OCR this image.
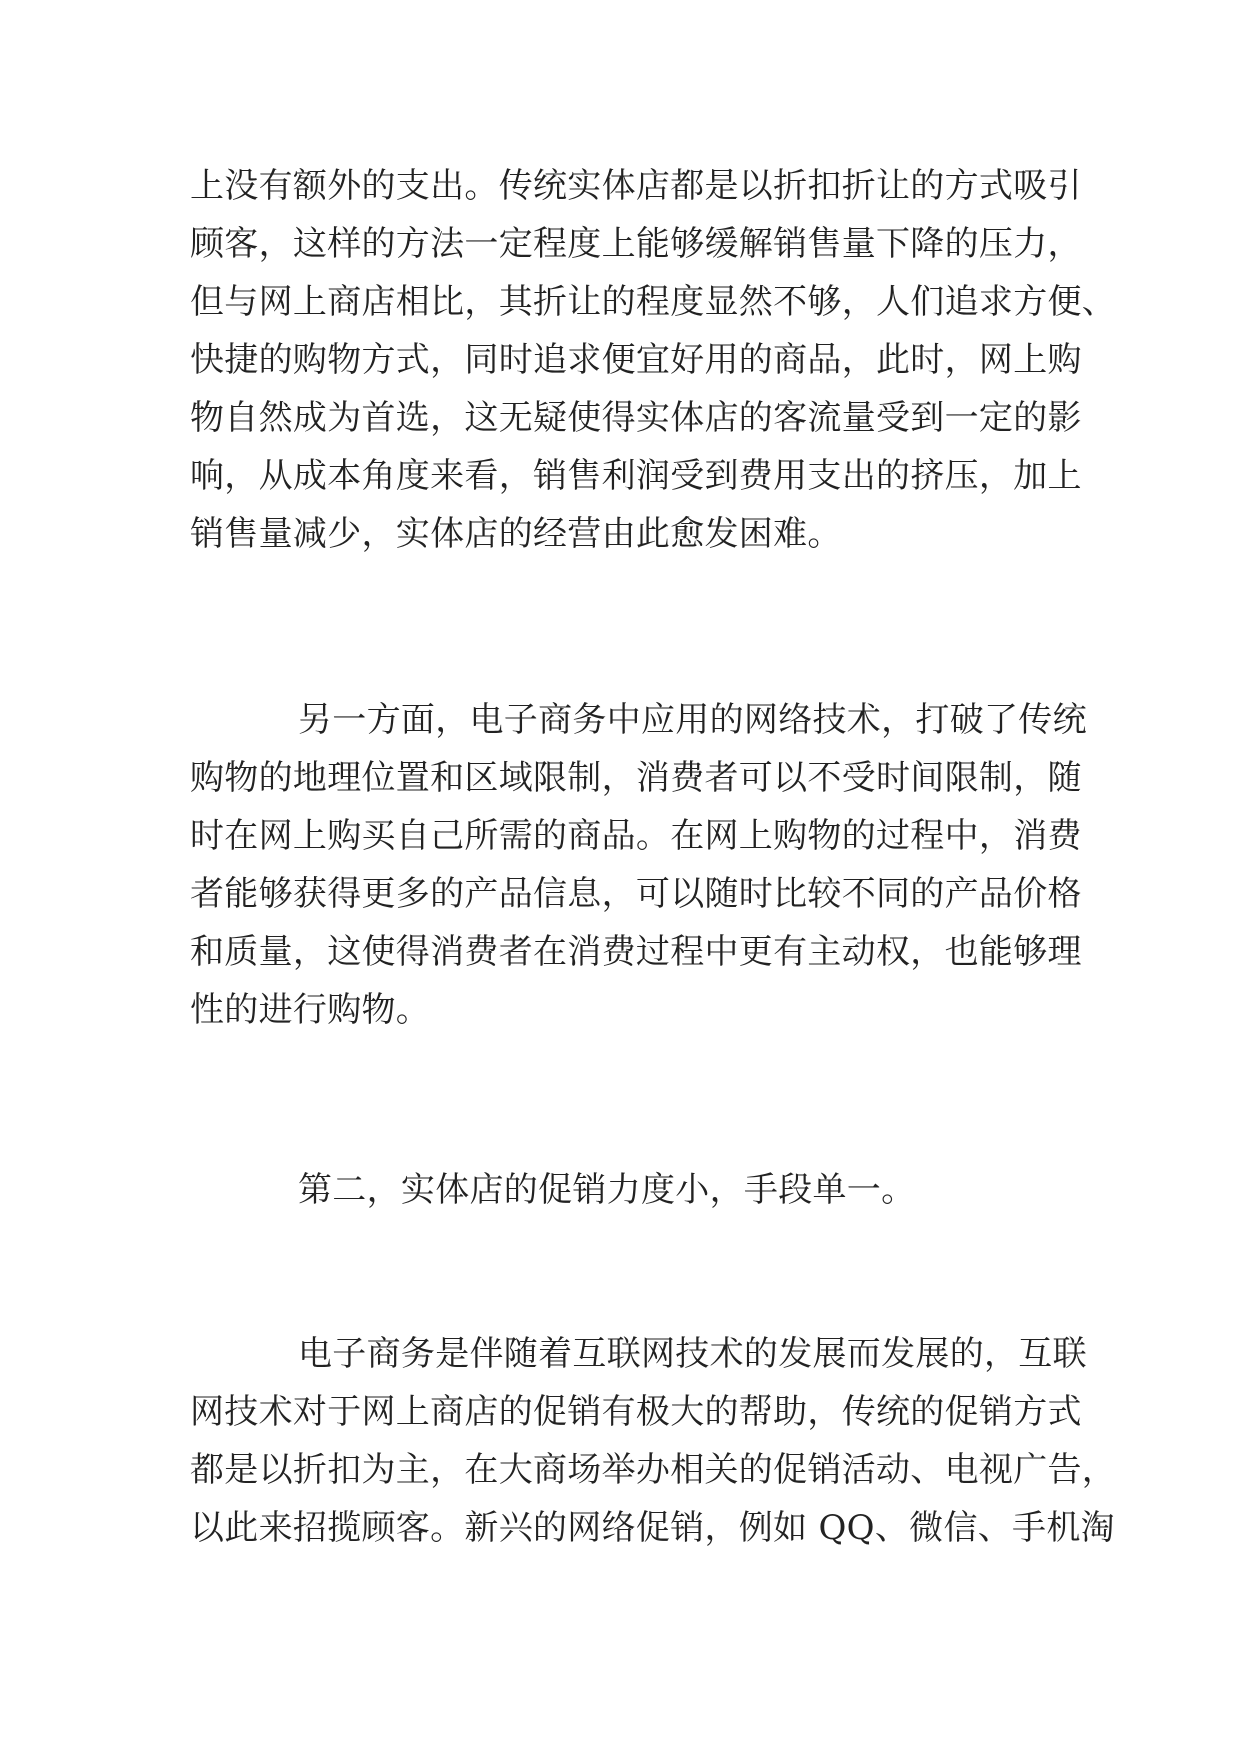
上没有额外的支出。传统实体店都是以折扣折让的方式吸引
顾客，这样的方法一定程度上能够缓解销售量下降的压力，
但与网上商店相比，其折让的程度显然不够，人们追求方便、
快捷的购物方式，同时追求便宜好用的商品，此时，网上购
物自然成为首选，这无疑使得实体店的客流量受到一定的影
响，从成本角度来看，销售利润受到费用支出的挤压，加上
销售量减少，实体店的经营由此愈发困难。
另一方面，电子商务中应用的网络技术，打破了传统
购物的地理位置和区域限制，消费者可以不受时间限制，随
时在网上购买自己所需的商品。在网上购物的过程中，消费
者能够获得更多的产品信息，可以随时比较不同的产品价格
和质量，这使得消费者在消费过程中更有主动权，也能够理
性的进行购物。
第二，实体店的促销力度小，手段单一。
电子商务是伴随着互联网技术的发展而发展的，互联
网技术对于网上商店的促销有极大的帮助，传统的促销方式
都是以折扣为主，在大商场举办相关的促销活动、电视广告，
以此来招揽顾客。新兴的网络促销，例如 QQ、微信、手机淘
